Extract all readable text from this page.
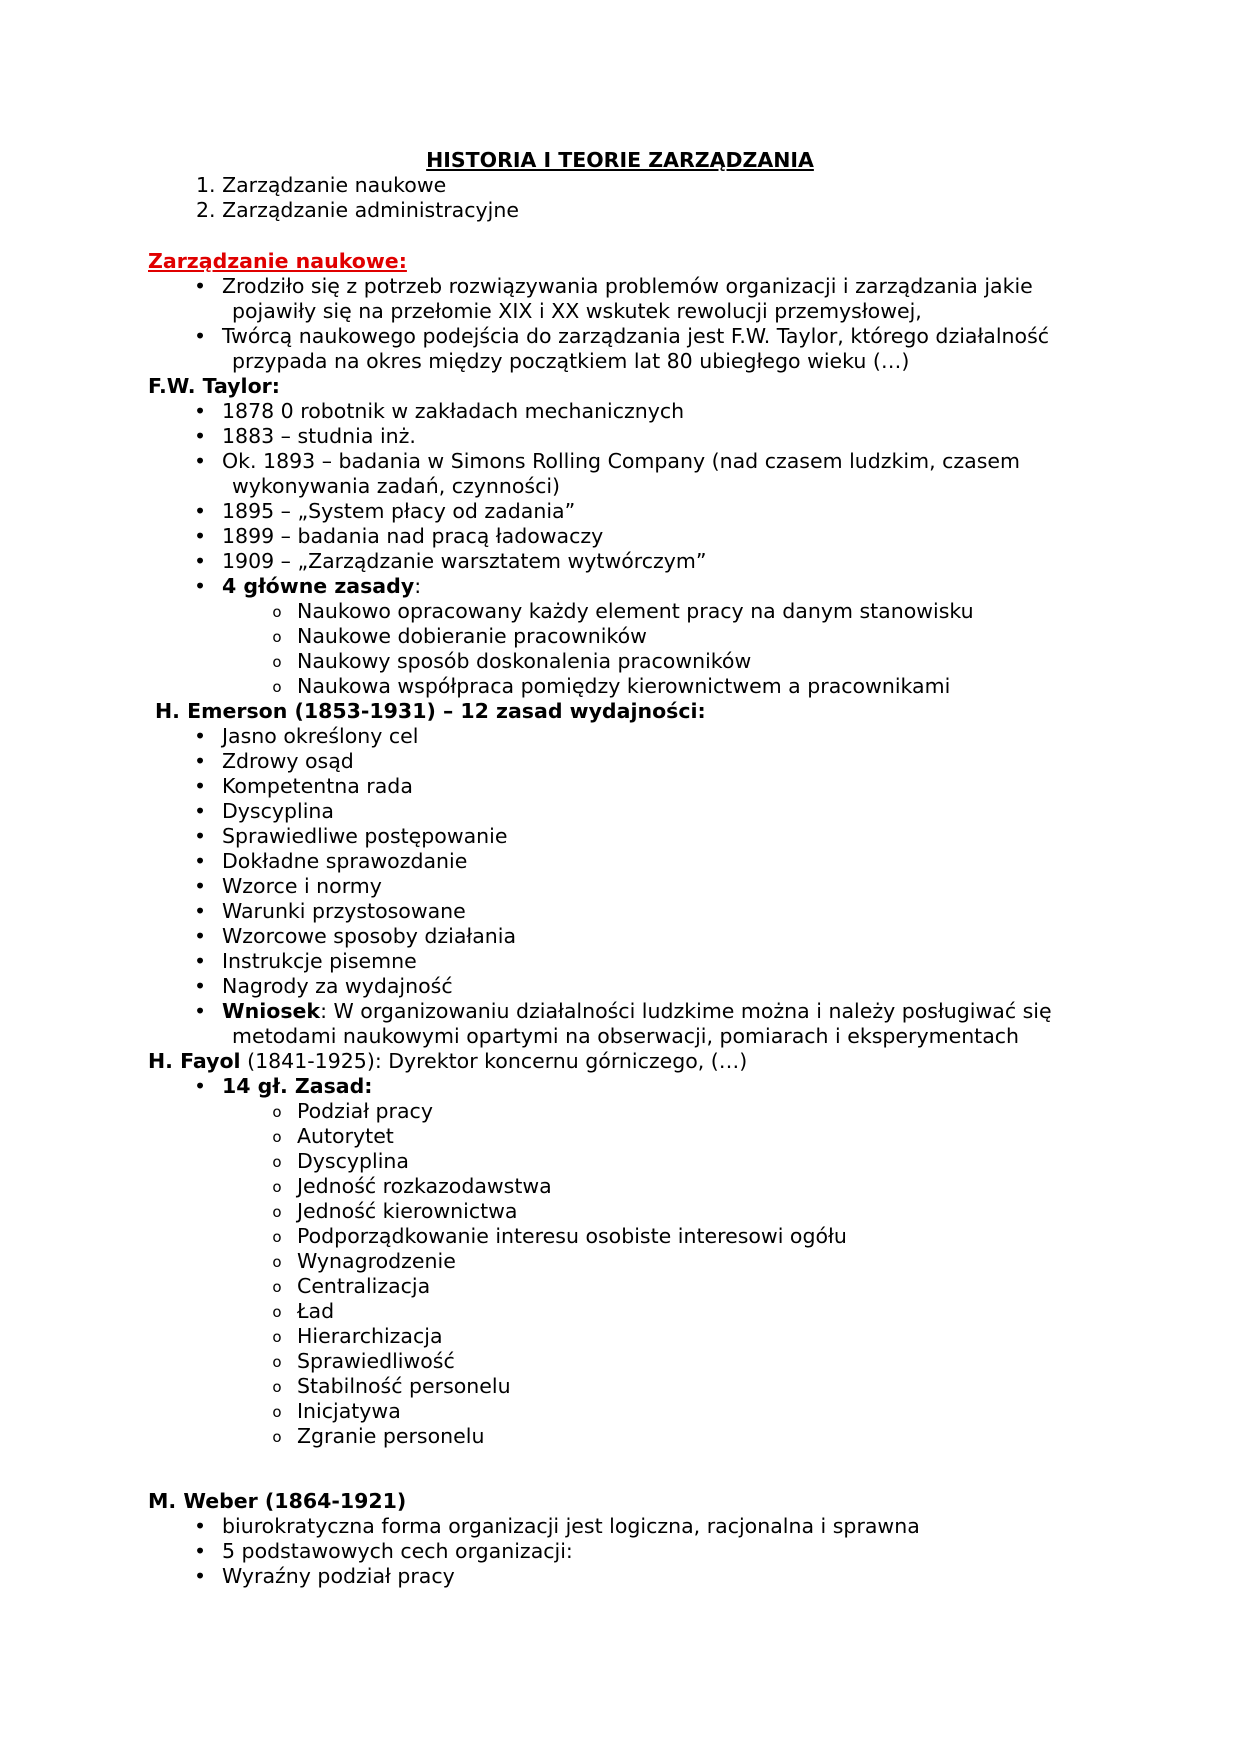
HISTORIA I TEORIE ZARZĄDZANIA
1. Zarządzanie naukowe
2. Zarządzanie administracyjne
Zarządzanie naukowe:
• Zrodziło się z potrzeb rozwiązywania problemów organizacji i zarządzania jakie
pojawiły się na przełomie XIX i XX wskutek rewolucji przemysłowej,
• Twórcą naukowego podejścia do zarządzania jest F.W. Taylor, którego działalność
przypada na okres między początkiem lat 80 ubiegłego wieku (…)
F.W. Taylor:
• 1878 0 robotnik w zakładach mechanicznych
• 1883 – studnia inż.
• Ok. 1893 – badania w Simons Rolling Company (nad czasem ludzkim, czasem
wykonywania zadań, czynności)
• 1895 – „System płacy od zadania”
• 1899 – badania nad pracą ładowaczy
• 1909 – „Zarządzanie warsztatem wytwórczym”
• 4 główne zasady:
o Naukowo opracowany każdy element pracy na danym stanowisku
o Naukowe dobieranie pracowników
o Naukowy sposób doskonalenia pracowników
o Naukowa współpraca pomiędzy kierownictwem a pracownikami
H. Emerson (1853-1931) – 12 zasad wydajności:
• Jasno określony cel
• Zdrowy osąd
• Kompetentna rada
• Dyscyplina
• Sprawiedliwe postępowanie
• Dokładne sprawozdanie
• Wzorce i normy
• Warunki przystosowane
• Wzorcowe sposoby działania
• Instrukcje pisemne
• Nagrody za wydajność
• Wniosek: W organizowaniu działalności ludzkime można i należy posługiwać się
metodami naukowymi opartymi na obserwacji, pomiarach i eksperymentach
H. Fayol (1841-1925): Dyrektor koncernu górniczego, (…)
• 14 gł. Zasad:
o Podział pracy
o Autorytet
o Dyscyplina
o Jedność rozkazodawstwa
o Jedność kierownictwa
o Podporządkowanie interesu osobiste interesowi ogółu
o Wynagrodzenie
o Centralizacja
o Ład
o Hierarchizacja
o Sprawiedliwość
o Stabilność personelu
o Inicjatywa
o Zgranie personelu
M. Weber (1864-1921)
• biurokratyczna forma organizacji jest logiczna, racjonalna i sprawna
• 5 podstawowych cech organizacji:
• Wyraźny podział pracy
